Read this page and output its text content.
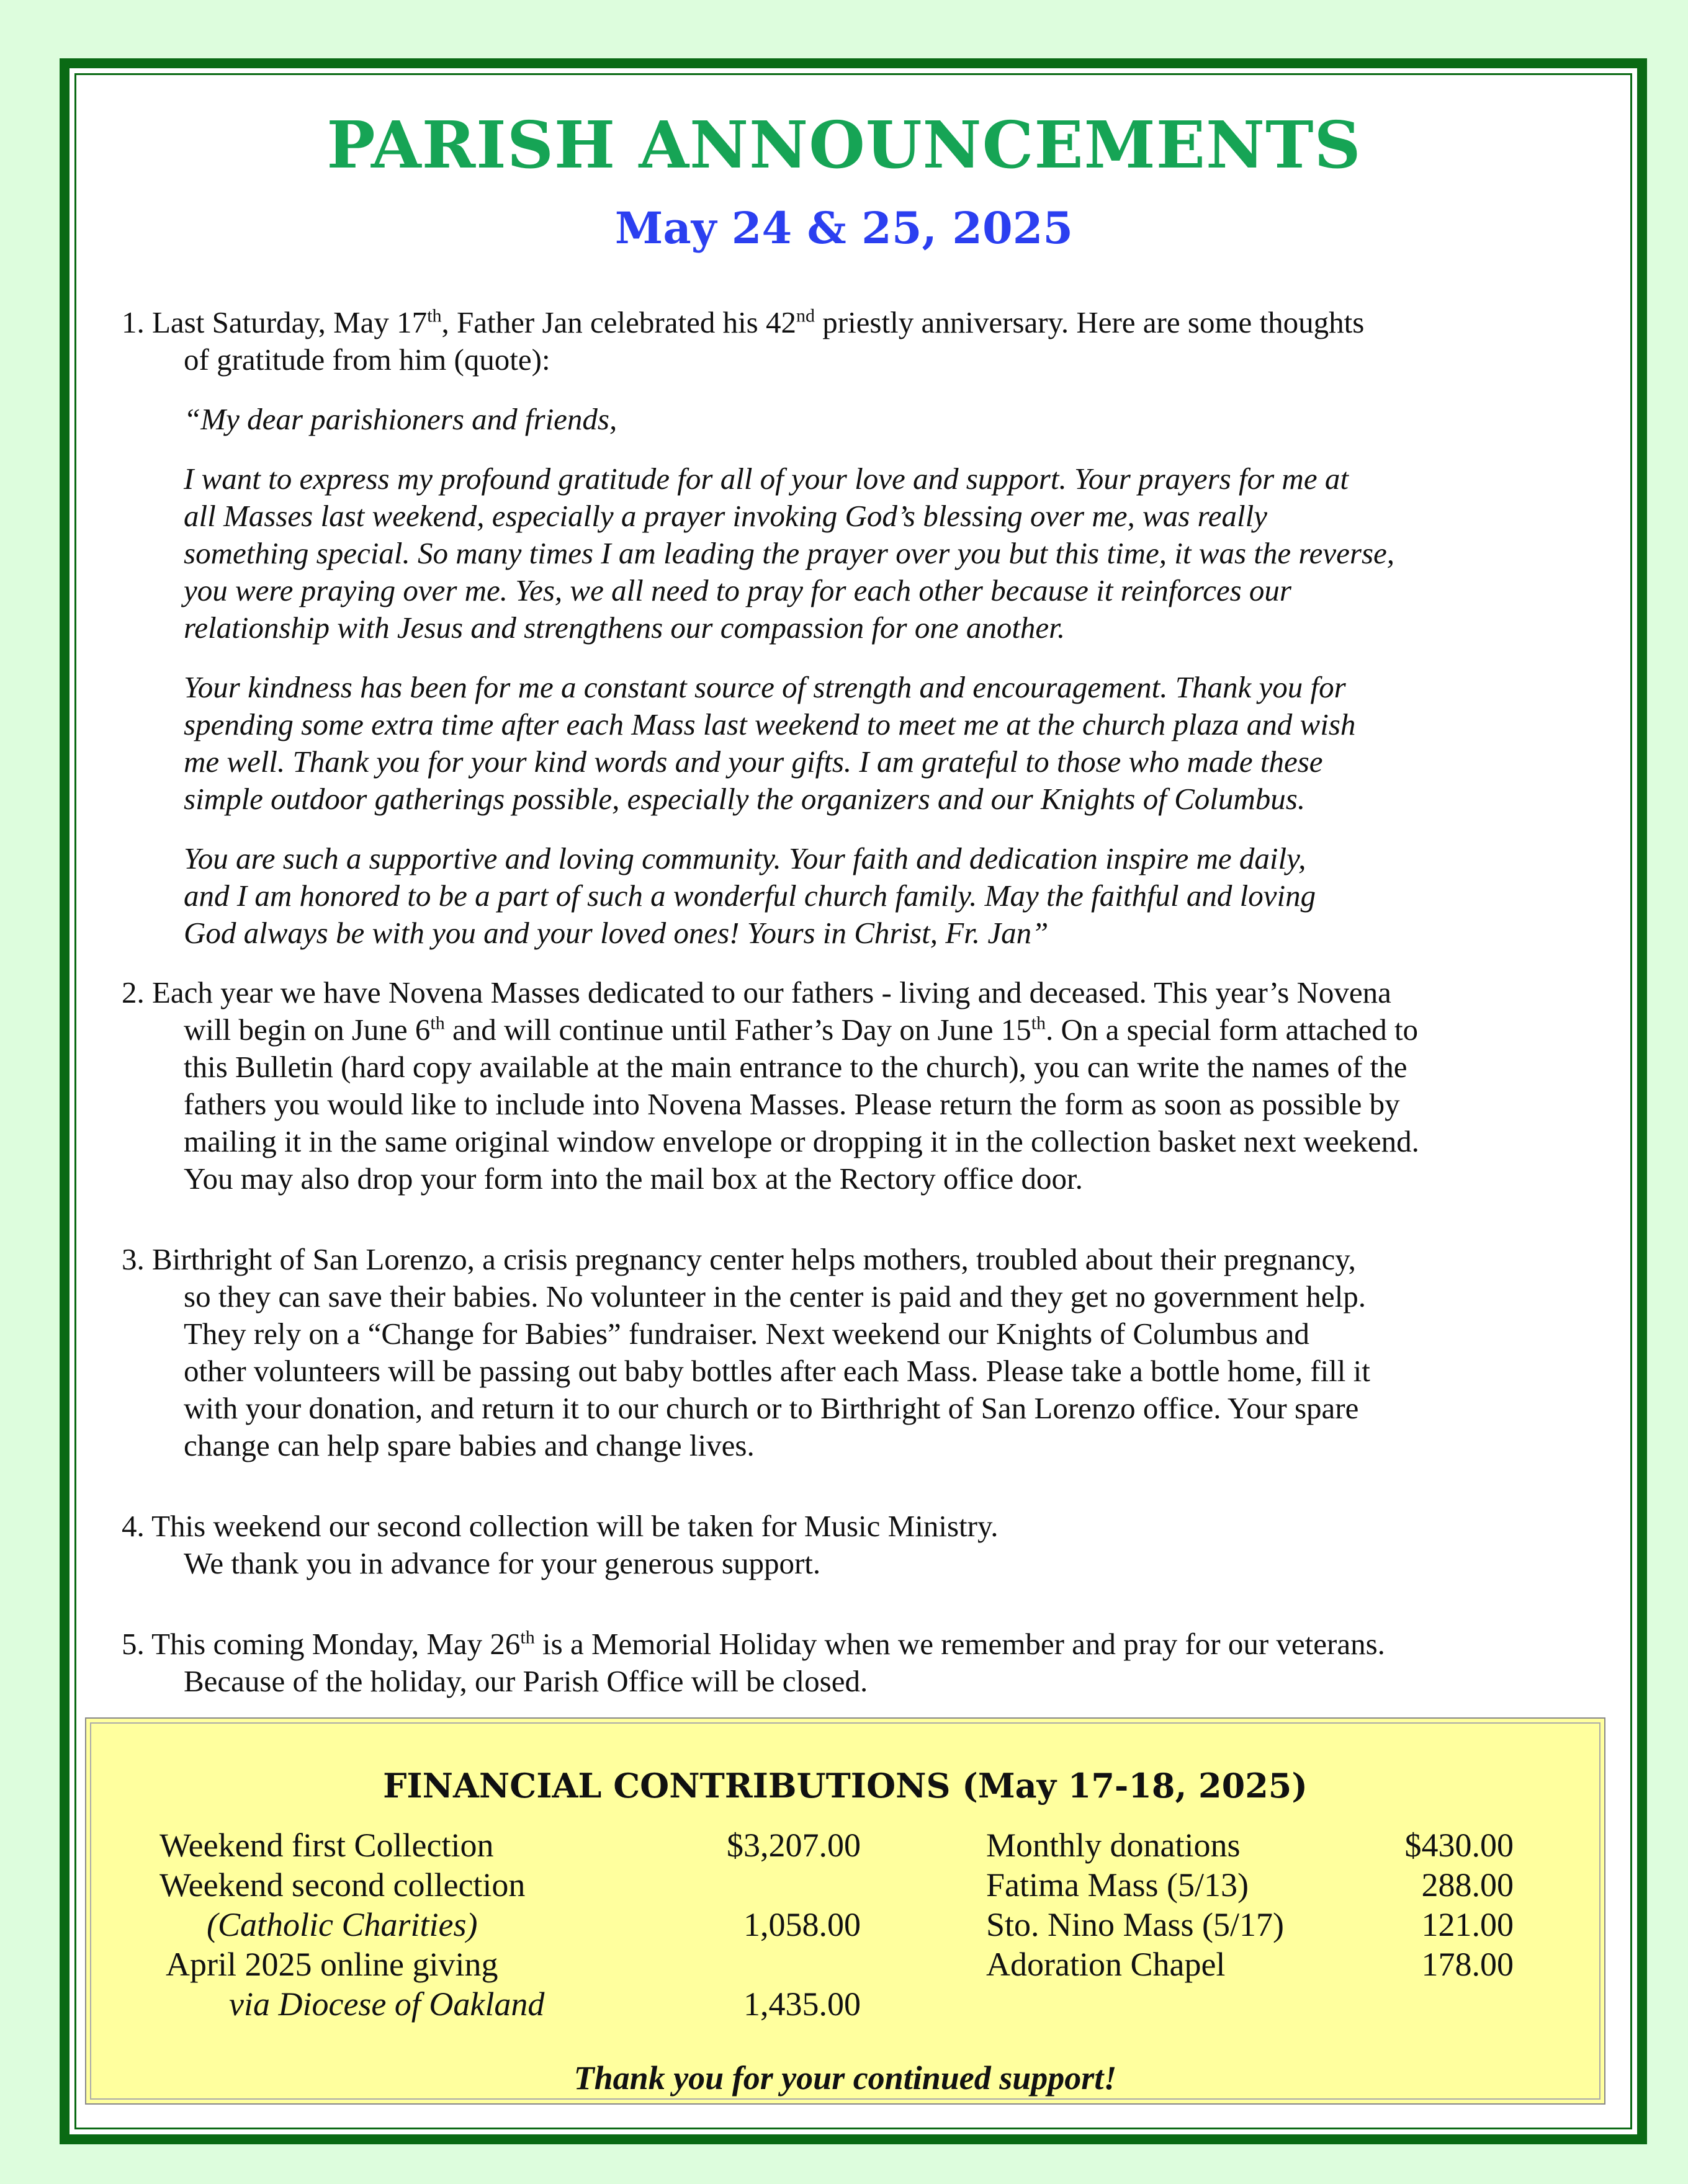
PARISH ANNOUNCEMENTS
May 24 & 25, 2025
1. Last Saturday, May 17th, Father Jan celebrated his 42nd priestly anniversary. Here are some thoughts
of gratitude from him (quote):

“My dear parishioners and friends,

I want to express my profound gratitude for all of your love and support. Your prayers for me at
all Masses last weekend, especially a prayer invoking God’s blessing over me, was really
something special. So many times I am leading the prayer over you but this time, it was the reverse,
you were praying over me. Yes, we all need to pray for each other because it reinforces our
relationship with Jesus and strengthens our compassion for one another.

Your kindness has been for me a constant source of strength and encouragement. Thank you for
spending some extra time after each Mass last weekend to meet me at the church plaza and wish
me well. Thank you for your kind words and your gifts. I am grateful to those who made these
simple outdoor gatherings possible, especially the organizers and our Knights of Columbus.

You are such a supportive and loving community. Your faith and dedication inspire me daily,
and I am honored to be a part of such a wonderful church family. May the faithful and loving
God always be with you and your loved ones! Yours in Christ, Fr. Jan”

2. Each year we have Novena Masses dedicated to our fathers - living and deceased. This year’s Novena
will begin on June 6th and will continue until Father’s Day on June 15th. On a special form attached to
this Bulletin (hard copy available at the main entrance to the church), you can write the names of the
fathers you would like to include into Novena Masses. Please return the form as soon as possible by
mailing it in the same original window envelope or dropping it in the collection basket next weekend.
You may also drop your form into the mail box at the Rectory office door.
3. Birthright of San Lorenzo, a crisis pregnancy center helps mothers, troubled about their pregnancy,
so they can save their babies. No volunteer in the center is paid and they get no government help.
They rely on a “Change for Babies” fundraiser. Next weekend our Knights of Columbus and
other volunteers will be passing out baby bottles after each Mass. Please take a bottle home, fill it
with your donation, and return it to our church or to Birthright of San Lorenzo office. Your spare
change can help spare babies and change lives.
4. This weekend our second collection will be taken for Music Ministry.
We thank you in advance for your generous support.
5. This coming Monday, May 26th is a Memorial Holiday when we remember and pray for our veterans.
Because of the holiday, our Parish Office will be closed.
FINANCIAL CONTRIBUTIONS (May 17-18, 2025)
Weekend first Collection	$3,207.00
Weekend second collection
(Catholic Charities)	1,058.00
April 2025 online giving
via Diocese of Oakland	1,435.00
Monthly donations	$430.00
Fatima Mass (5/13)	288.00
Sto. Nino Mass (5/17)	121.00
Adoration Chapel	178.00
Thank you for your continued support!
